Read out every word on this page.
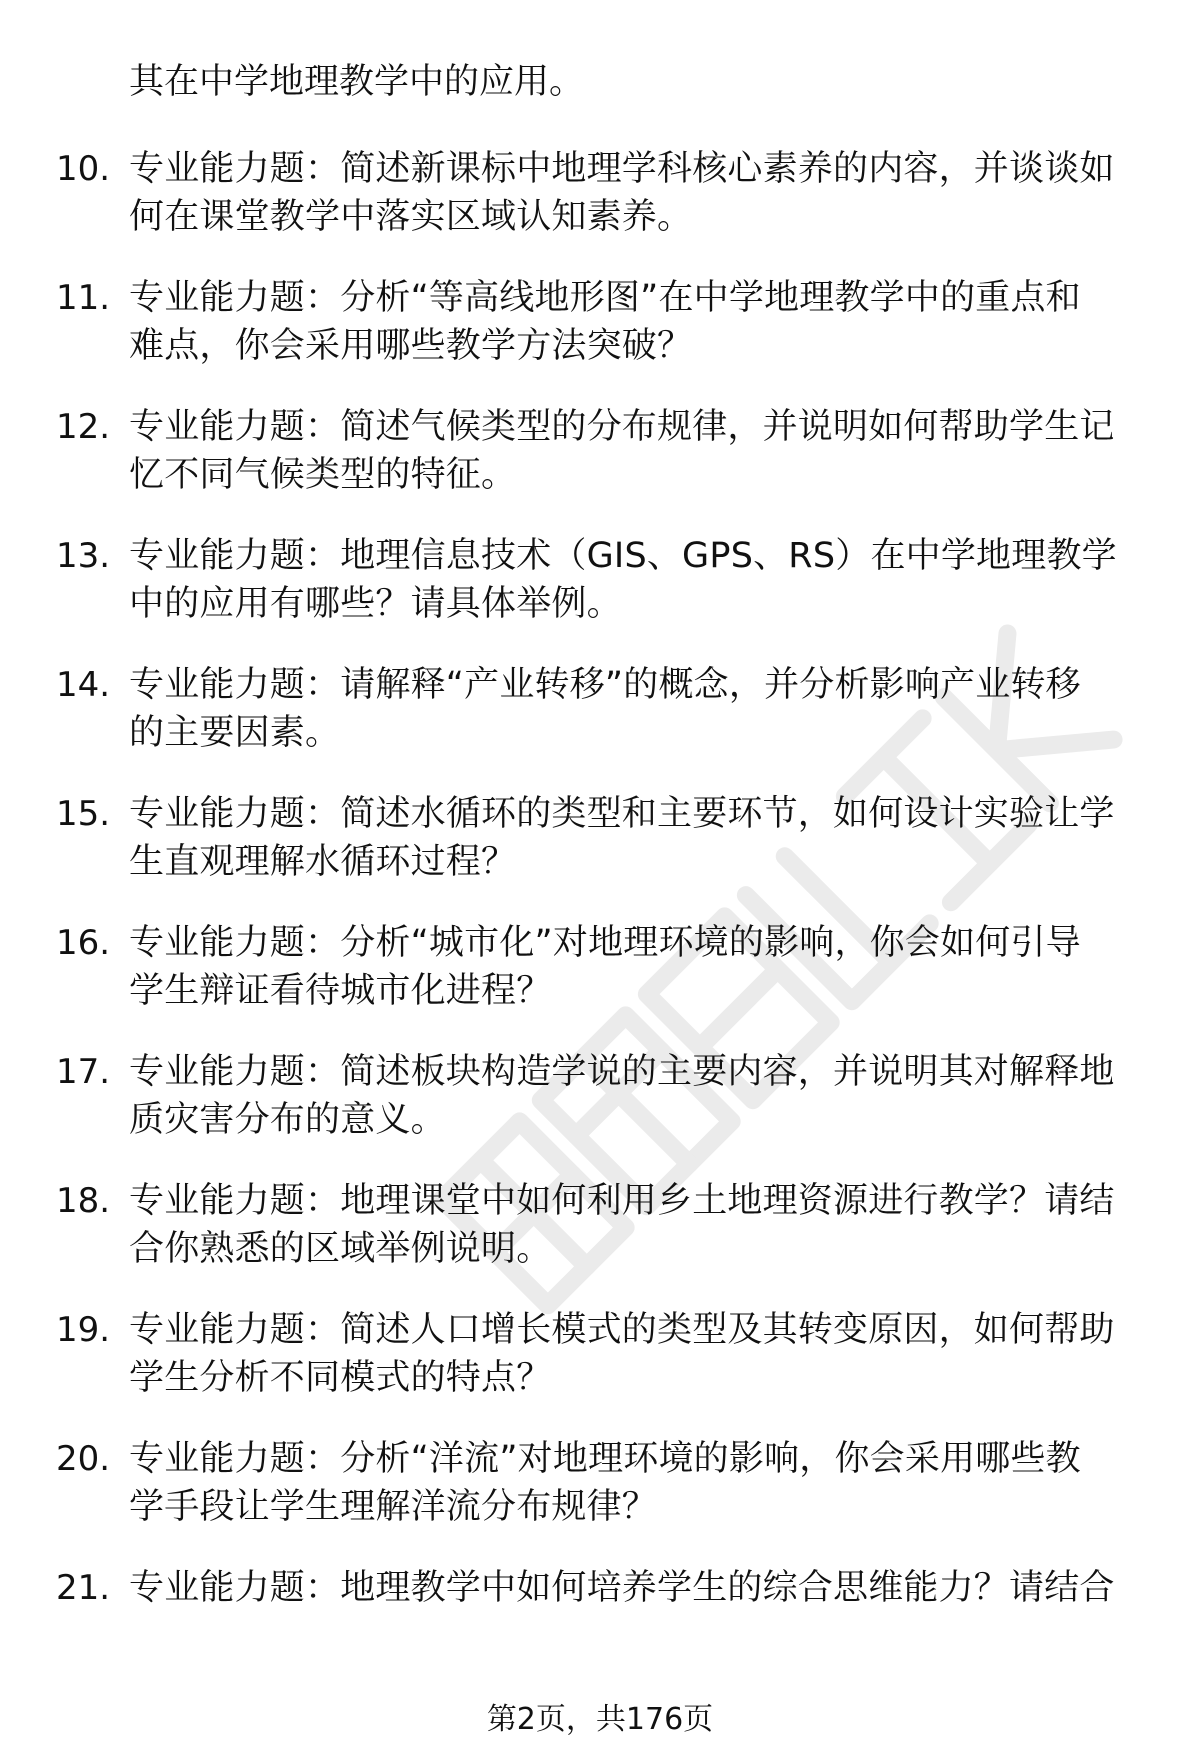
其在中学地理教学中的应用。
10. 专业能力题：简述新课标中地理学科核心素养的内容，并谈谈如
何在课堂教学中落实区域认知素养。
11. 专业能力题：分析“等高线地形图”在中学地理教学中的重点和
难点，你会采用哪些教学方法突破？
12. 专业能力题：简述气候类型的分布规律，并说明如何帮助学生记
忆不同气候类型的特征。
13. 专业能力题：地理信息技术（GIS、GPS、RS）在中学地理教学
中的应用有哪些？请具体举例。
14. 专业能力题：请解释“产业转移”的概念，并分析影响产业转移
的主要因素。
15. 专业能力题：简述水循环的类型和主要环节，如何设计实验让学
生直观理解水循环过程？
16. 专业能力题：分析“城市化”对地理环境的影响，你会如何引导
学生辩证看待城市化进程？
17. 专业能力题：简述板块构造学说的主要内容，并说明其对解释地
质灾害分布的意义。
18. 专业能力题：地理课堂中如何利用乡土地理资源进行教学？请结
合你熟悉的区域举例说明。
19. 专业能力题：简述人口增长模式的类型及其转变原因，如何帮助
学生分析不同模式的特点？
20. 专业能力题：分析“洋流”对地理环境的影响，你会采用哪些教
学手段让学生理解洋流分布规律？
21. 专业能力题：地理教学中如何培养学生的综合思维能力？请结合
第2页，共176页
